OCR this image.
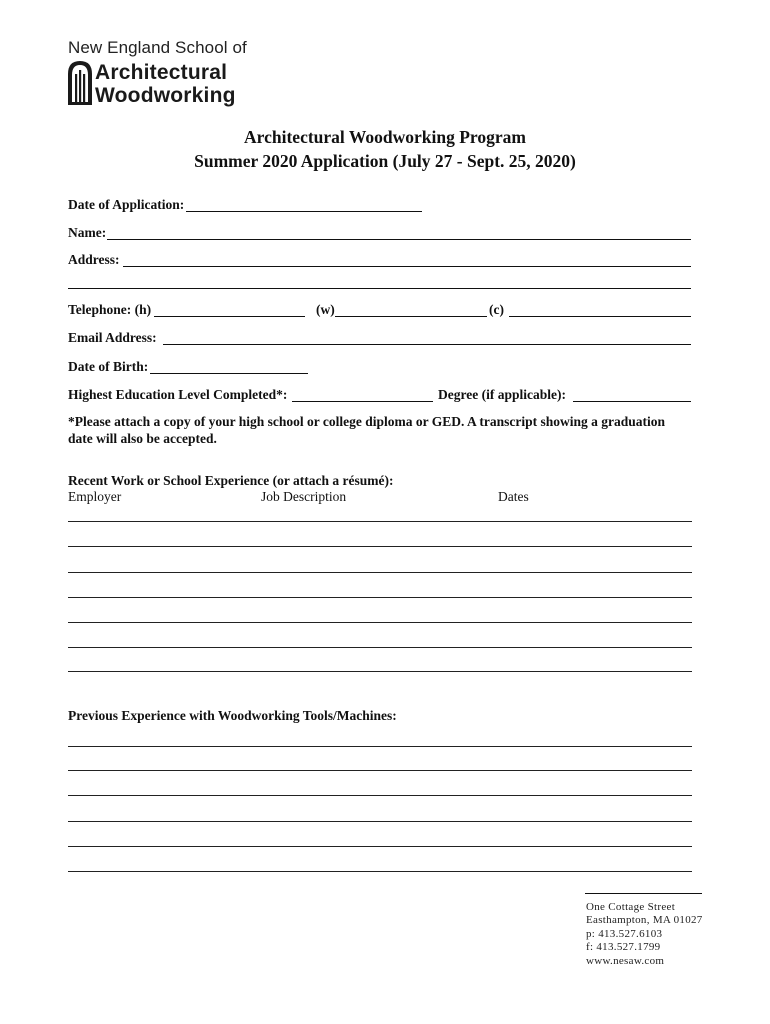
New England School of
Architectural
Woodworking
Architectural Woodworking Program
Summer 2020 Application (July 27 - Sept. 25, 2020)
Date of Application:
Name:
Address:
Telephone: (h)	(w)	(c)
Email Address:
Date of Birth:
Highest Education Level Completed*:	Degree (if applicable):
*Please attach a copy of your high school or college diploma or GED. A transcript showing a graduation date will also be accepted.
Recent Work or School Experience (or attach a résumé):
Employer	Job Description	Dates
Previous Experience with Woodworking Tools/Machines:
One Cottage Street
Easthampton, MA 01027
p: 413.527.6103
f: 413.527.1799
www.nesaw.com
